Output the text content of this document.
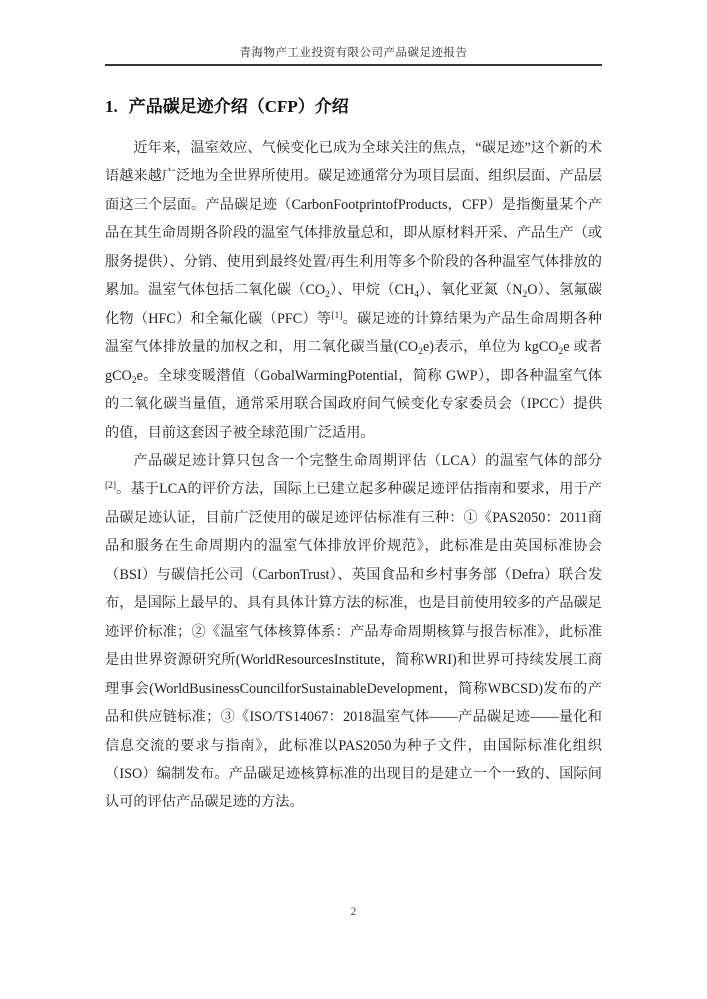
青海物产工业投资有限公司产品碳足迹报告
1. 产品碳足迹介绍（CFP）介绍

近年来，温室效应、气候变化已成为全球关注的焦点，“碳足迹”这个新的术语越来越广泛地为全世界所使用。碳足迹通常分为项目层面、组织层面、产品层面这三个层面。产品碳足迹（CarbonFootprintofProducts，CFP）是指衡量某个产品在其生命周期各阶段的温室气体排放量总和，即从原材料开采、产品生产（或服务提供）、分销、使用到最终处置/再生利用等多个阶段的各种温室气体排放的累加。温室气体包括二氧化碳$(CO_2)$、甲烷$(CH_4)$、氧化亚氮$(N_2O)$、氢氟碳化物（HFC）和全氟化碳（PFC）等[1]。碳足迹的计算结果为产品生命周期各种温室气体排放量的加权之和，用二氧化碳当量$(CO_2e)$表示，单位为 kgCO$_2$e 或者 gCO$_2$e。全球变暖潜值（GobalWarmingPotential，简称 GWP），即各种温室气体的二氧化碳当量值，通常采用联合国政府间气候变化专家委员会（IPCC）提供的值，目前这套因子被全球范围广泛适用。

产品碳足迹计算只包含一个完整生命周期评估（LCA）的温室气体的部分[2]。基于LCA的评价方法，国际上已建立起多种碳足迹评估指南和要求，用于产品碳足迹认证，目前广泛使用的碳足迹评估标准有三种：①《PAS2050：2011商品和服务在生命周期内的温室气体排放评价规范》，此标准是由英国标准协会（BSI）与碳信托公司（CarbonTrust）、英国食品和乡村事务部（Defra）联合发布，是国际上最早的、具有具体计算方法的标准，也是目前使用较多的产品碳足迹评价标准；②《温室气体核算体系：产品寿命周期核算与报告标准》，此标准是由世界资源研究所(WorldResourcesInstitute，简称WRI)和世界可持续发展工商理事会(WorldBusinessCouncilforSustainableDevelopment，简称WBCSD)发布的产品和供应链标准；③《ISO/TS14067：2018温室气体——产品碳足迹——量化和信息交流的要求与指南》，此标准以PAS2050为种子文件，由国际标准化组织（ISO）编制发布。产品碳足迹核算标准的出现目的是建立一个一致的、国际间认可的评估产品碳足迹的方法。

2
